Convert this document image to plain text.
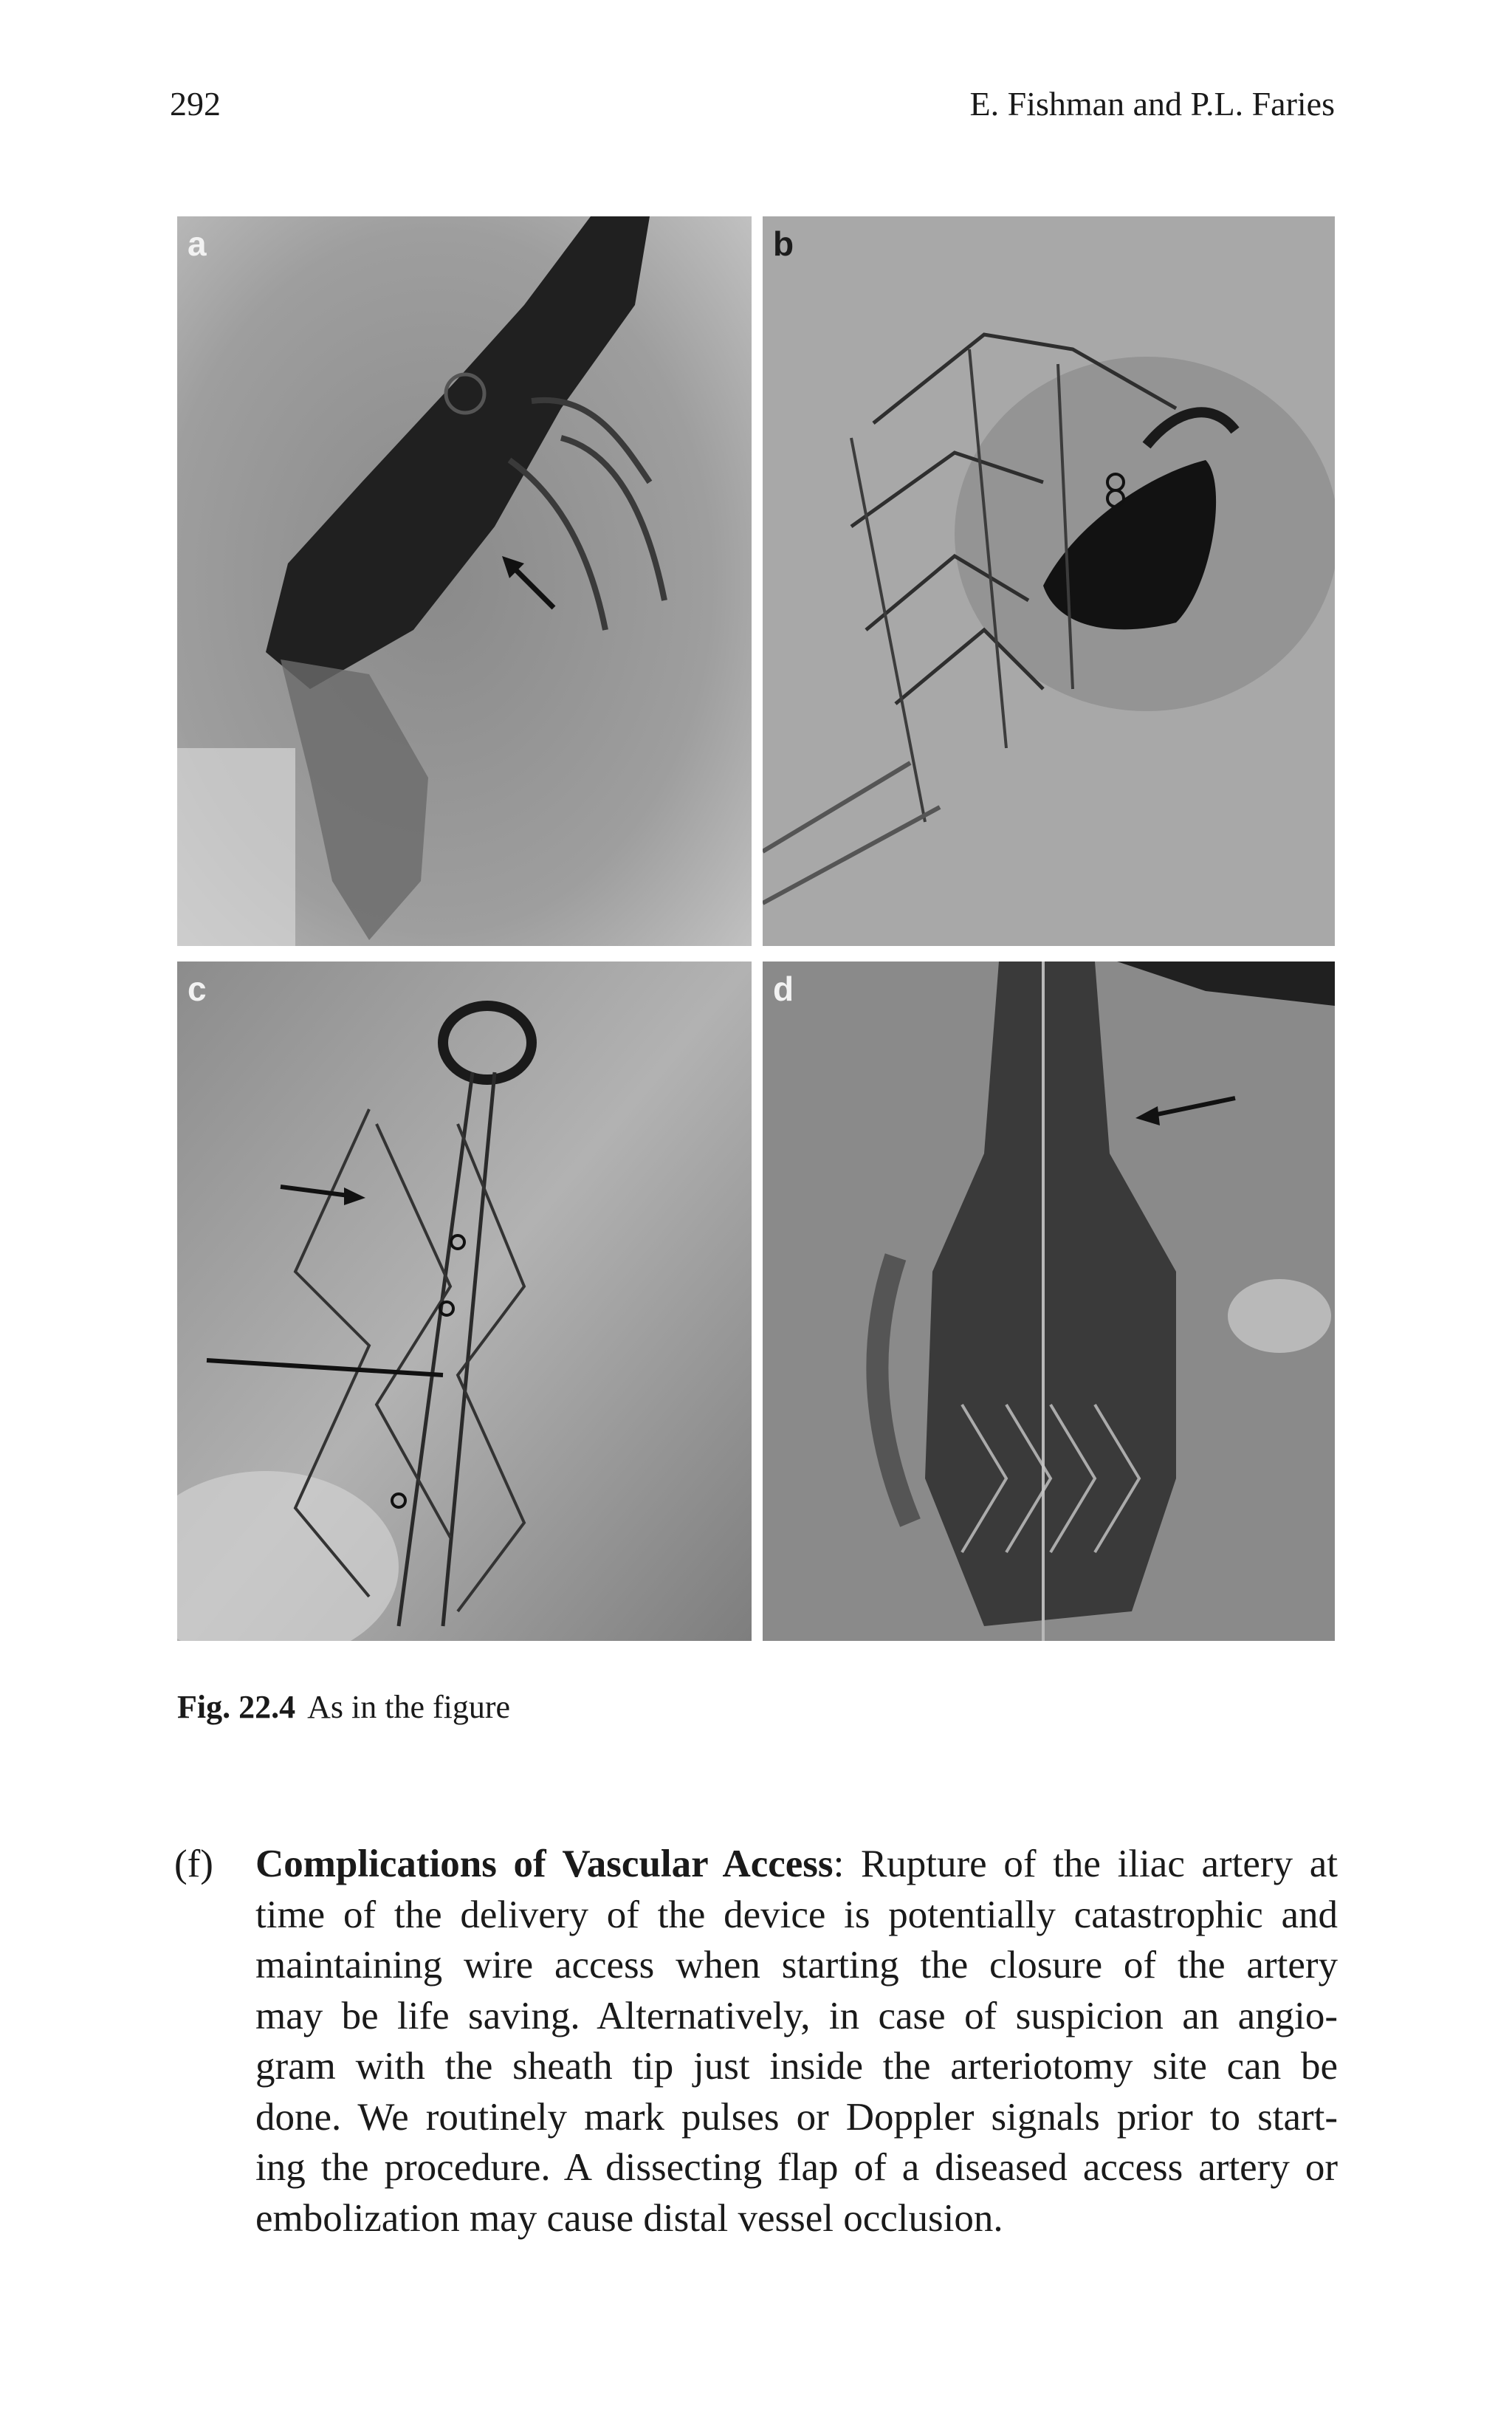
292	E. Fishman and P.L. Faries
a	b
c	d
Fig. 22.4 As in the figure
(f) Complications of Vascular Access: Rupture of the iliac artery at
time of the delivery of the device is potentially catastrophic and
maintaining wire access when starting the closure of the artery
may be life saving. Alternatively, in case of suspicion an angio-
gram with the sheath tip just inside the arteriotomy site can be
done. We routinely mark pulses or Doppler signals prior to start-
ing the procedure. A dissecting flap of a diseased access artery or
embolization may cause distal vessel occlusion.
